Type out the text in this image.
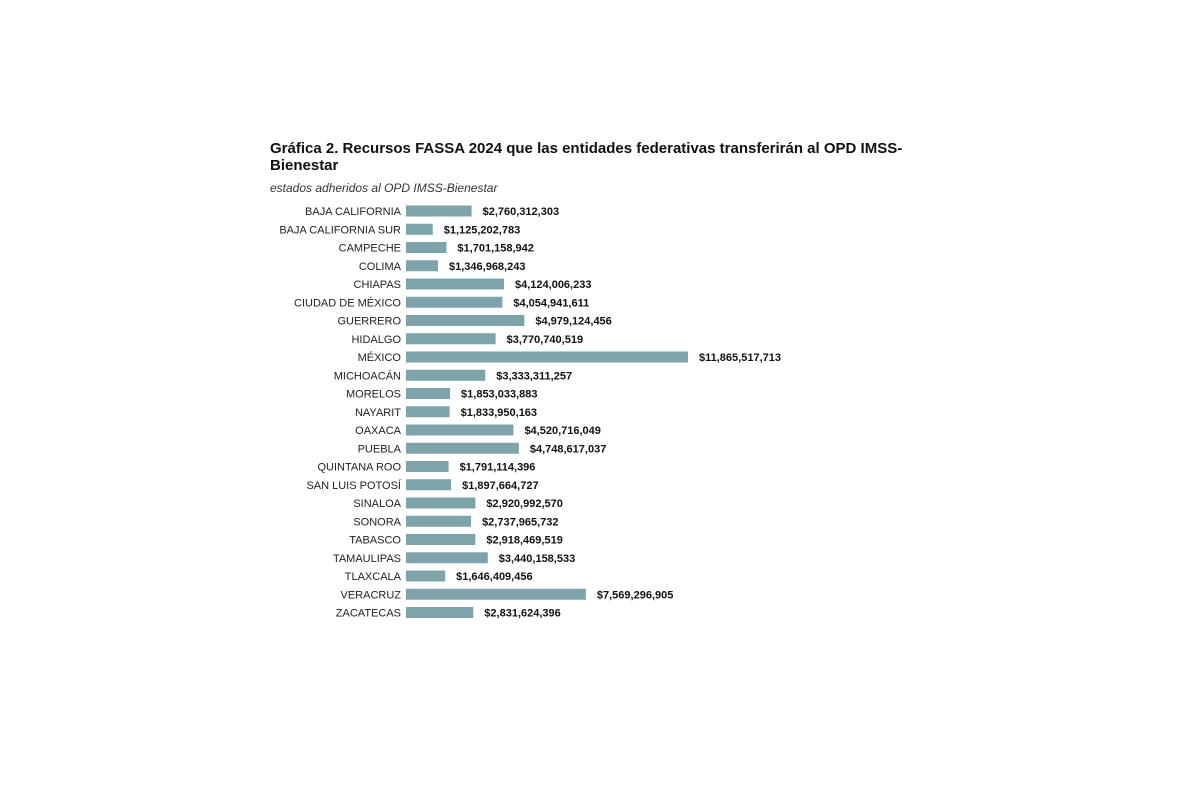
Gráfica 2. Recursos FASSA 2024 que las entidades federativas transferirán al OPD IMSS-Bienestar

estados adheridos al OPD IMSS-Bienestar

BAJA CALIFORNIA	$2,760,312,303
BAJA CALIFORNIA SUR	$1,125,202,783
CAMPECHE	$1,701,158,942
COLIMA	$1,346,968,243
CHIAPAS	$4,124,006,233
CIUDAD DE MÉXICO	$4,054,941,611
GUERRERO	$4,979,124,456
HIDALGO	$3,770,740,519
MÉXICO	$11,865,517,713
MICHOACÁN	$3,333,311,257
MORELOS	$1,853,033,883
NAYARIT	$1,833,950,163
OAXACA	$4,520,716,049
PUEBLA	$4,748,617,037
QUINTANA ROO	$1,791,114,396
SAN LUIS POTOSÍ	$1,897,664,727
SINALOA	$2,920,992,570
SONORA	$2,737,965,732
TABASCO	$2,918,469,519
TAMAULIPAS	$3,440,158,533
TLAXCALA	$1,646,409,456
VERACRUZ	$7,569,296,905
ZACATECAS	$2,831,624,396
